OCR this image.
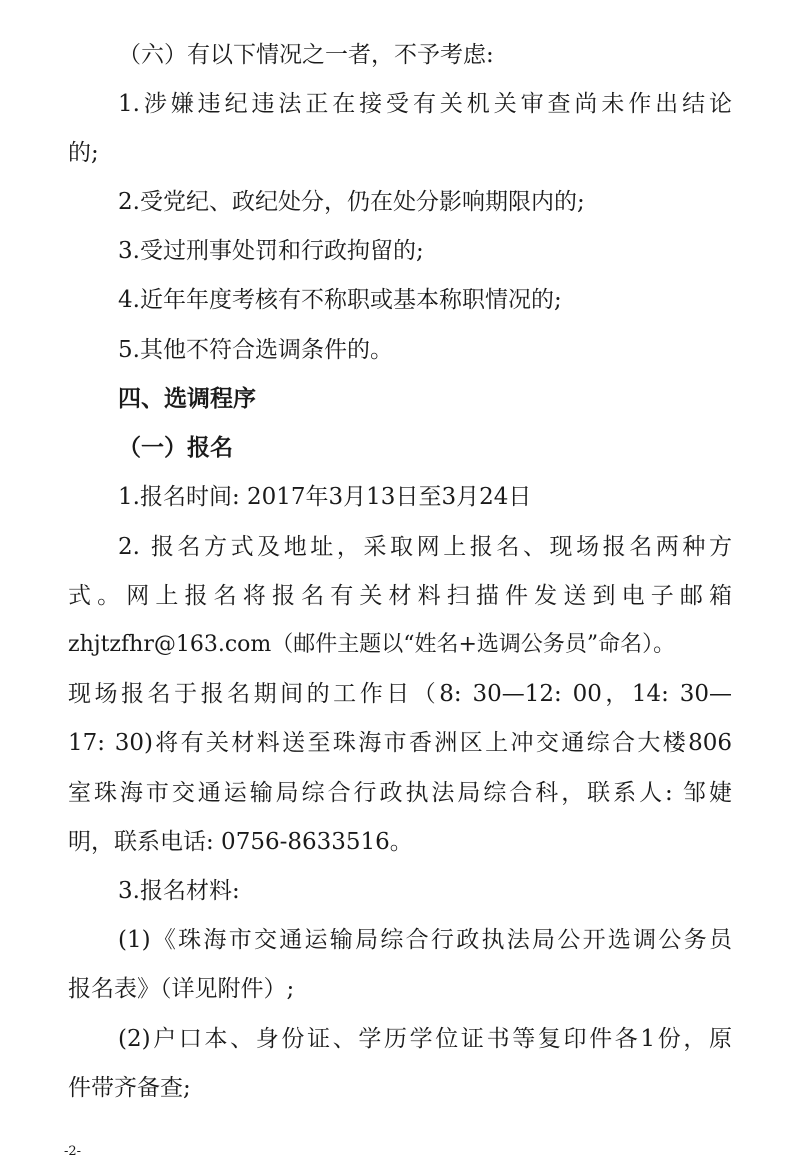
（六）有以下情况之一者，不予考虑:
1.涉嫌违纪违法正在接受有关机关审查尚未作出结论
的;
2.受党纪、政纪处分，仍在处分影响期限内的;
3.受过刑事处罚和行政拘留的;
4.近年年度考核有不称职或基本称职情况的;
5.其他不符合选调条件的。
四、选调程序
（一）报名
1.报名时间: 2017年3月13日至3月24日
2. 报名方式及地址，采取网上报名、现场报名两种方
式。网上报名将报名有关材料扫描件发送到电子邮箱
zhjtzfhr@163.com（邮件主题以“姓名+选调公务员”命名）。
现场报名于报名期间的工作日（8: 30—12: 00，14: 30—
17: 30)将有关材料送至珠海市香洲区上冲交通综合大楼806
室珠海市交通运输局综合行政执法局综合科，联系人: 邹婕
明，联系电话: 0756-8633516。
3.报名材料:
(1)《珠海市交通运输局综合行政执法局公开选调公务员
报名表》（详见附件）;
(2)户口本、身份证、学历学位证书等复印件各1份，原
件带齐备查;
-2-
